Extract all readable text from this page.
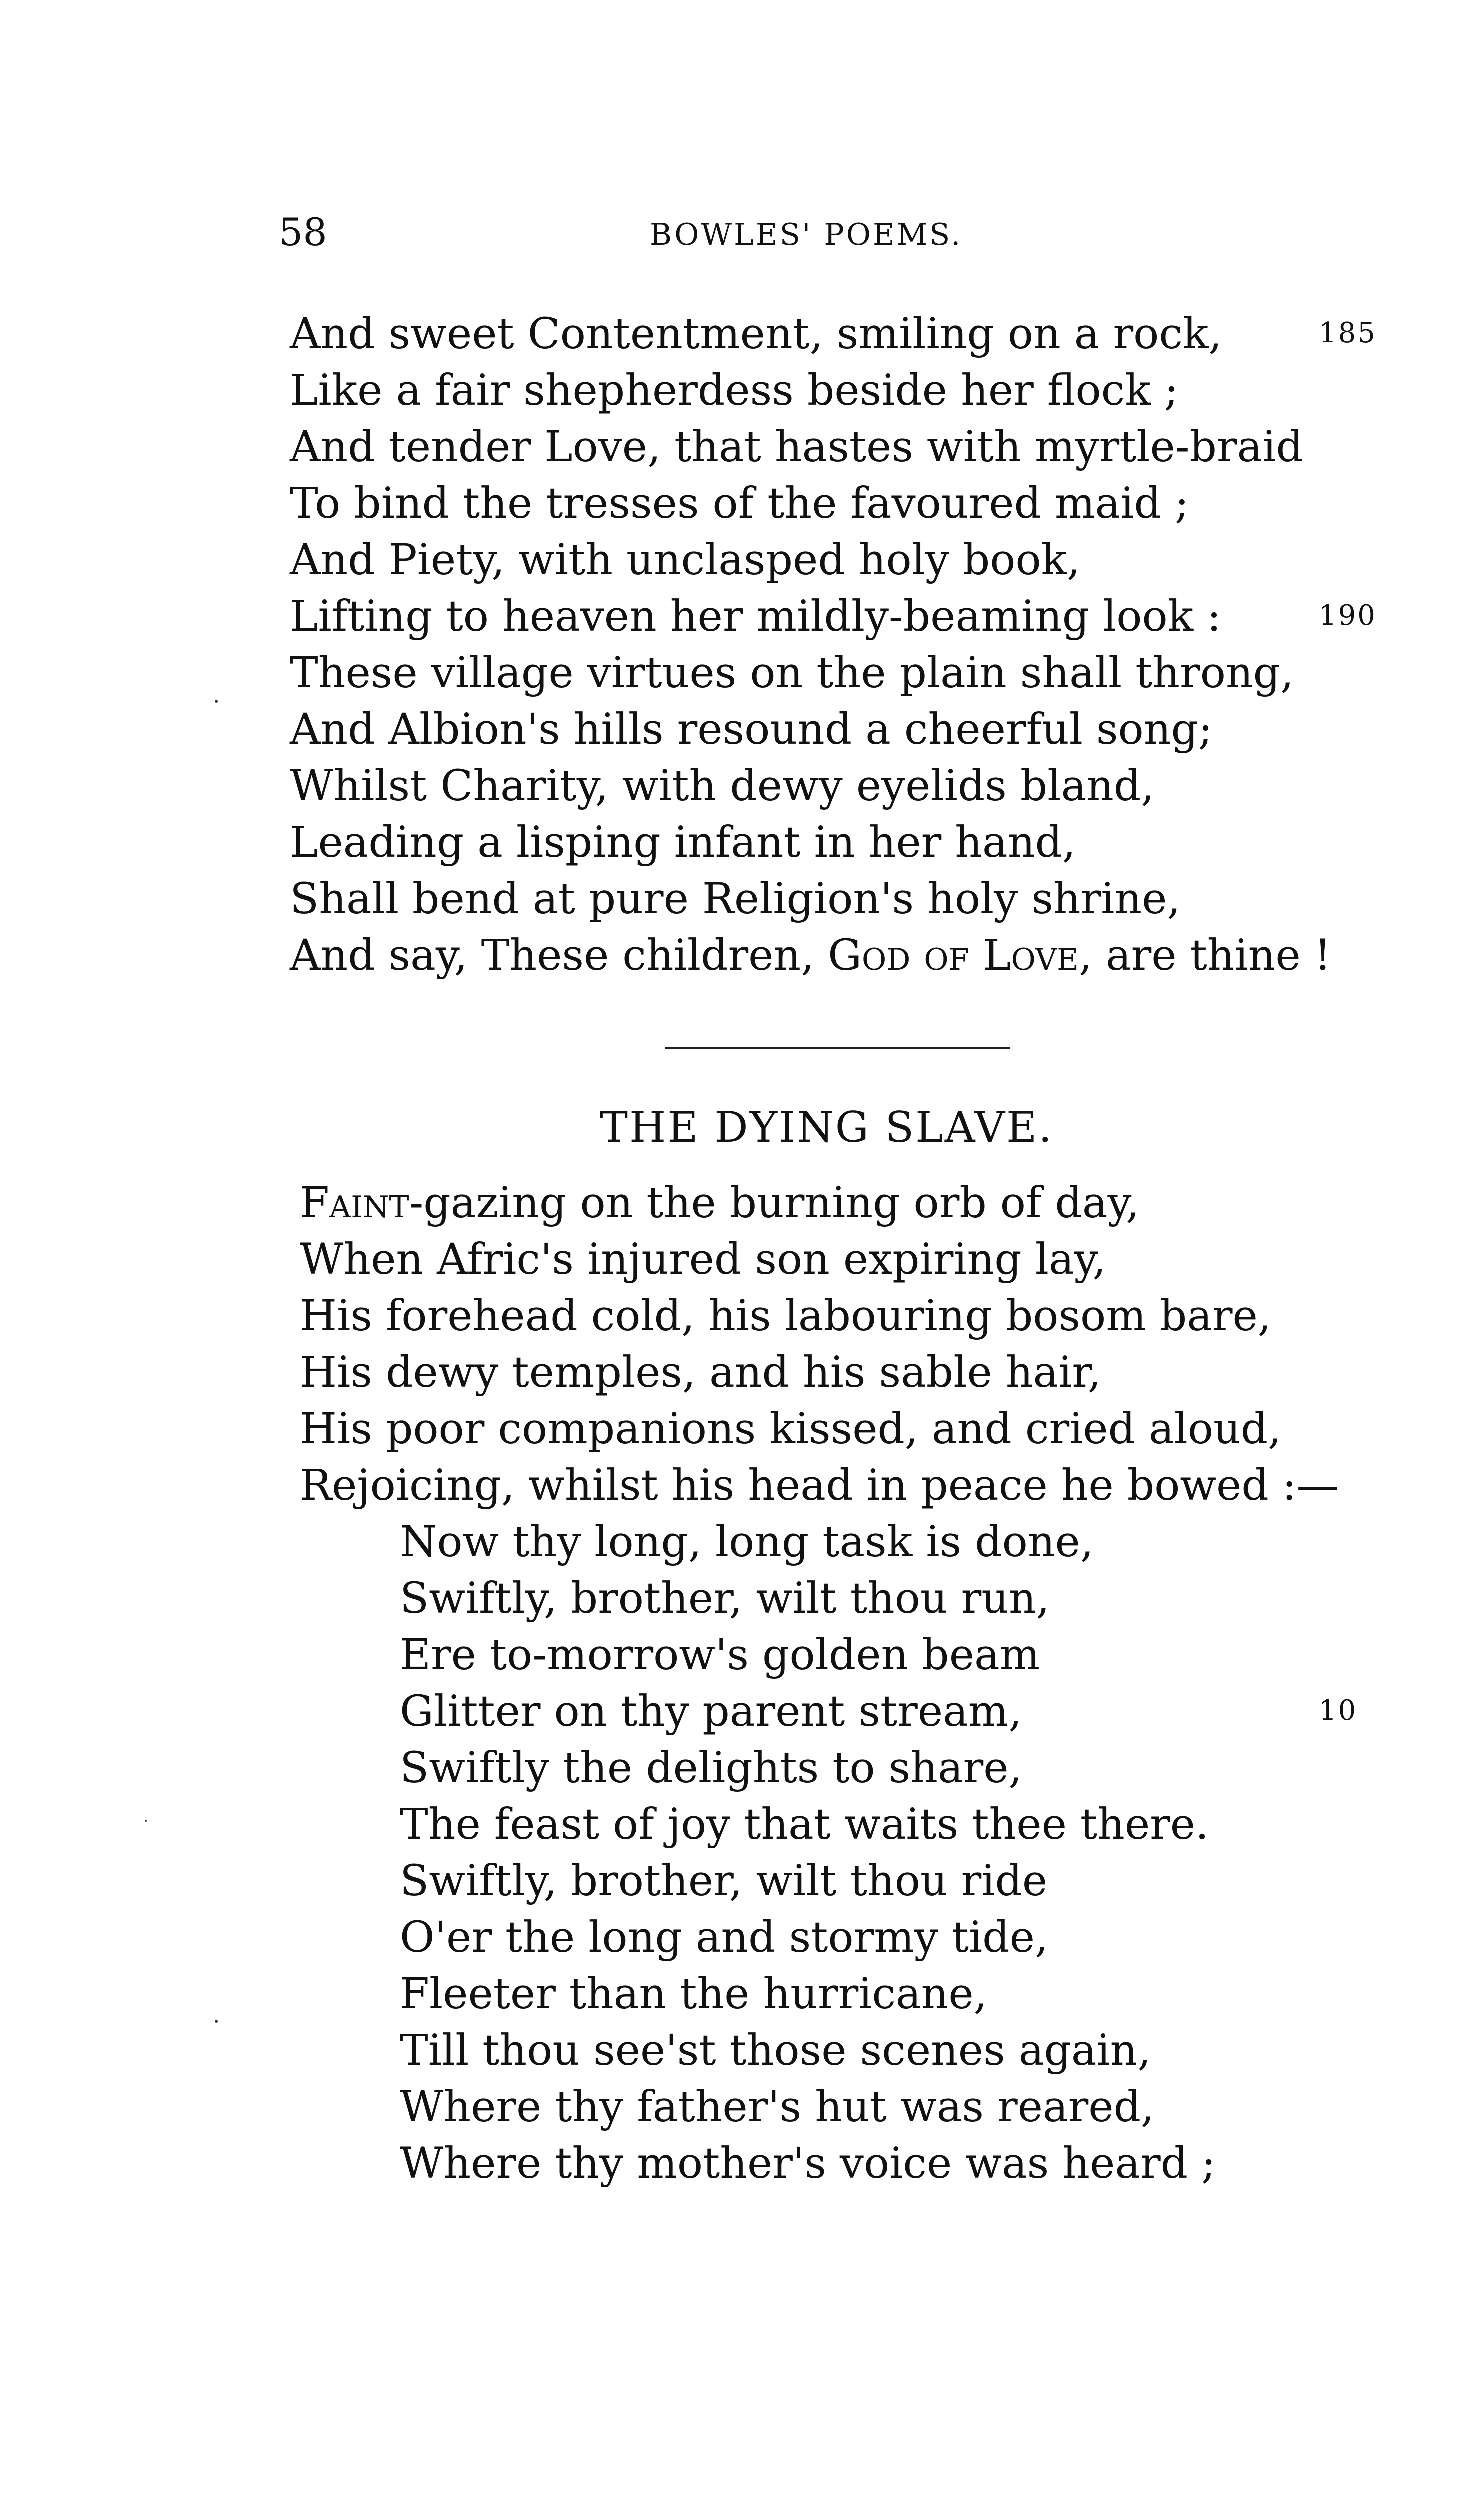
58	BOWLES' POEMS.
And sweet Contentment, smiling on a rock,	185
Like a fair shepherdess beside her flock ;
And tender Love, that hastes with myrtle-braid
To bind the tresses of the favoured maid ;
And Piety, with unclasped holy book,
Lifting to heaven her mildly-beaming look :	190
These village virtues on the plain shall throng,
And Albion's hills resound a cheerful song;
Whilst Charity, with dewy eyelids bland,
Leading a lisping infant in her hand,
Shall bend at pure Religion's holy shrine,
And say, These children, God of Love, are thine !
THE DYING SLAVE.
Faint-gazing on the burning orb of day,
When Afric's injured son expiring lay,
His forehead cold, his labouring bosom bare,
His dewy temples, and his sable hair,
His poor companions kissed, and cried aloud,
Rejoicing, whilst his head in peace he bowed :—
Now thy long, long task is done,
Swiftly, brother, wilt thou run,
Ere to-morrow's golden beam
Glitter on thy parent stream,	10
Swiftly the delights to share,
The feast of joy that waits thee there.
Swiftly, brother, wilt thou ride
O'er the long and stormy tide,
Fleeter than the hurricane,
Till thou see'st those scenes again,
Where thy father's hut was reared,
Where thy mother's voice was heard ;
